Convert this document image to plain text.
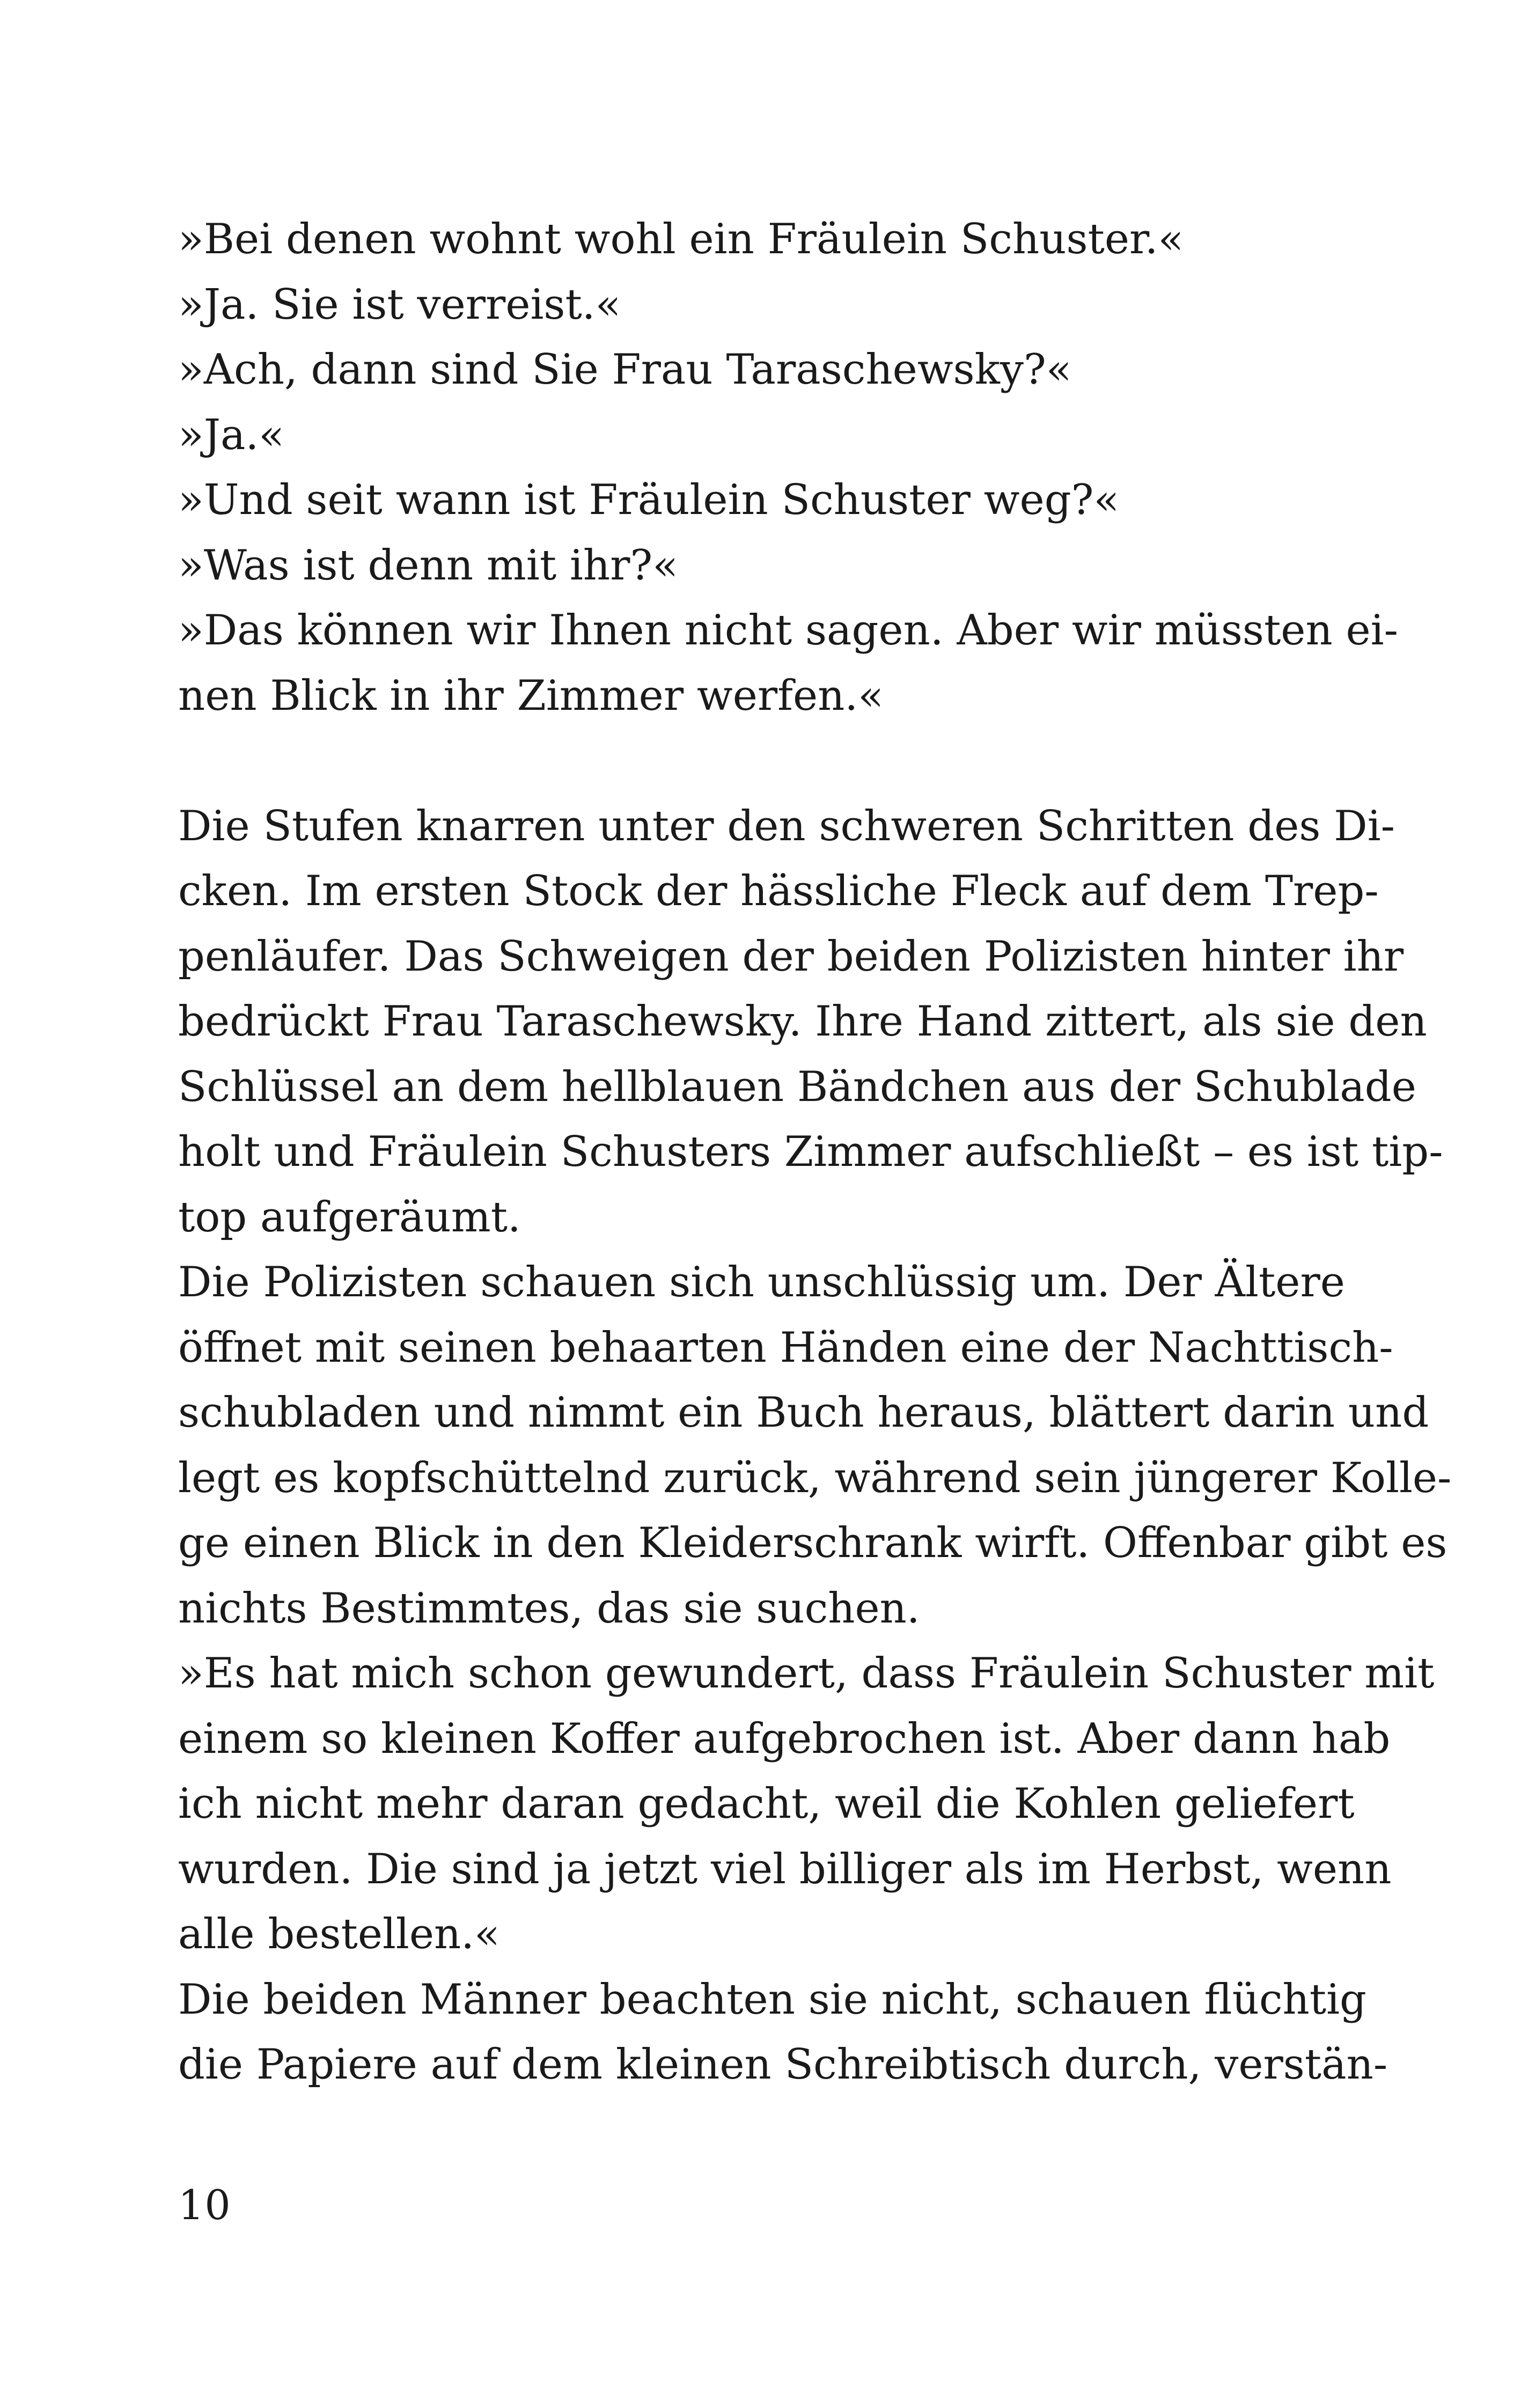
»Bei denen wohnt wohl ein Fräulein Schuster.«
»Ja. Sie ist verreist.«
»Ach, dann sind Sie Frau Taraschewsky?«
»Ja.«
»Und seit wann ist Fräulein Schuster weg?«
»Was ist denn mit ihr?«
»Das können wir Ihnen nicht sagen. Aber wir müssten ei-
nen Blick in ihr Zimmer werfen.«
Die Stufen knarren unter den schweren Schritten des Di-
cken. Im ersten Stock der hässliche Fleck auf dem Trep-
penläufer. Das Schweigen der beiden Polizisten hinter ihr
bedrückt Frau Taraschewsky. Ihre Hand zittert, als sie den
Schlüssel an dem hellblauen Bändchen aus der Schublade
holt und Fräulein Schusters Zimmer aufschließt – es ist tip-
top aufgeräumt.
Die Polizisten schauen sich unschlüssig um. Der Ältere
öffnet mit seinen behaarten Händen eine der Nachttisch-
schubladen und nimmt ein Buch heraus, blättert darin und
legt es kopfschüttelnd zurück, während sein jüngerer Kolle-
ge einen Blick in den Kleiderschrank wirft. Offenbar gibt es
nichts Bestimmtes, das sie suchen.
»Es hat mich schon gewundert, dass Fräulein Schuster mit
einem so kleinen Koffer aufgebrochen ist. Aber dann hab
ich nicht mehr daran gedacht, weil die Kohlen geliefert
wurden. Die sind ja jetzt viel billiger als im Herbst, wenn
alle bestellen.«
Die beiden Männer beachten sie nicht, schauen flüchtig
die Papiere auf dem kleinen Schreibtisch durch, verstän-
10
